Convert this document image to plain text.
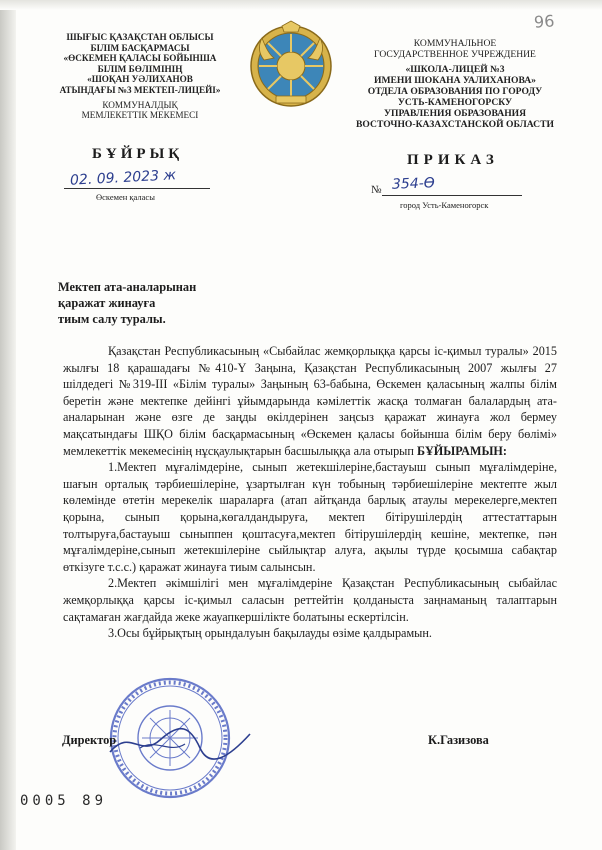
96
ШЫҒЫС ҚАЗАҚСТАН ОБЛЫСЫ
БІЛІМ БАСҚАРМАСЫ
«ӨСКЕМЕН ҚАЛАСЫ БОЙЫНША
БІЛІМ БӨЛІМІНІҢ
«ШОҚАН УӘЛИХАНОВ
АТЫНДАҒЫ №3 МЕКТЕП-ЛИЦЕЙІ»
КОММУНАЛДЫҚ
МЕМЛЕКЕТТІК МЕКЕМЕСІ
КОММУНАЛЬНОЕ
ГОСУДАРСТВЕННОЕ УЧРЕЖДЕНИЕ
«ШКОЛА-ЛИЦЕЙ №3
ИМЕНИ ШОКАНА УАЛИХАНОВА»
ОТДЕЛА ОБРАЗОВАНИЯ ПО ГОРОДУ
УСТЬ-КАМЕНОГОРСКУ
УПРАВЛЕНИЯ ОБРАЗОВАНИЯ
ВОСТОЧНО-КАЗАХСТАНСКОЙ ОБЛАСТИ
БҰЙРЫҚ	ПРИКАЗ
02. 09. 2023 ж
Өскемен қаласы
№ 354-Ө
город Усть-Каменогорск
Мектеп ата-аналарынан
қаражат жинауға
тиым салу туралы.

Қазақстан Республикасының «Сыбайлас жемқорлыққа қарсы іс-қимыл туралы» 2015 жылғы 18 қарашадағы №410-Ү Заңына, Қазақстан Республикасының 2007 жылғы 27 шілдедегі №319-ІІІ «Білім туралы» Заңының 63-бабына, Өскемен қаласының жалпы білім беретін және мектепке дейінгі ұйымдарында кәмілеттік жасқа толмаған балалардың ата-аналарынан және өзге де заңды өкілдерінен заңсыз қаражат жинауға жол бермеу мақсатындағы ШҚО білім басқармасының «Өскемен қаласы бойынша білім беру бөлімі» мемлекеттік мекемесінің нұсқаулықтарын басшылыққа ала отырып БҰЙЫРАМЫН:

1.Мектеп мұғалімдеріне, сынып жетекшілеріне,бастауыш сынып мұғалімдеріне, шағын орталық тәрбиешілеріне, ұзартылған күн тобының тәрбиешілеріне мектепте жыл көлемінде өтетін мерекелік шараларға (атап айтқанда барлық атаулы мерекелерге,мектеп қорына, сынып қорына,көгалдандыруға, мектеп бітірушілердің аттестаттарын толтыруға,бастауыш сыныппен қоштасуға,мектеп бітірушілердің кешіне, мектепке, пән мұғалімдеріне,сынып жетекшілеріне сыйлықтар алуға, ақылы түрде қосымша сабақтар өткізуге т.с.с.) қаражат жинауға тиым салынсын.

2.Мектеп әкімшілігі мен мұғалімдеріне Қазақстан Республикасының сыбайлас жемқорлыққа қарсы іс-қимыл саласын реттейтін қолданыста заңнаманың талаптарын сақтамаған жағдайда жеке жауапкершілікте болатыны ескертілсін.

3.Осы бұйрықтың орындалуын бақылауды өзіме қалдырамын.

Директор	К.Газизова
0005 89
